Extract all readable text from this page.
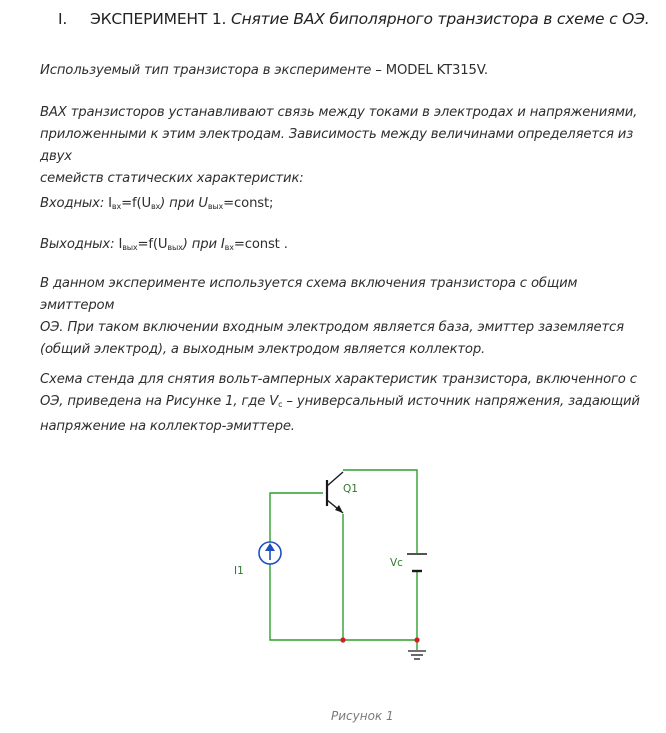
I. ЭКСПЕРИМЕНТ 1. Снятие ВАХ биполярного транзистора в схеме с ОЭ.

Используемый тип транзистора в эксперименте – MODEL KT315V.

ВАХ транзисторов устанавливают связь между токами в электродах и напряжениями,
приложенными к этим электродам. Зависимость между величинами определяется из двух
семейств статических характеристик:

Входных: $I_{вх}=f(U_{вх})$ при $U_{вых}=const$;

Выходных: $I_{вых}=f(U_{вых})$ при $I_{вх}=const$ .

В данном эксперименте используется схема включения транзистора с общим эмиттером
ОЭ. При таком включении входным электродом является база, эмиттер заземляется
(общий электрод), а выходным электродом является коллектор.

Схема стенда для снятия вольт-амперных характеристик транзистора, включенного с
ОЭ, приведена на Рисунке 1, где $V_c$ – универсальный источник напряжения, задающий
напряжение на коллектор-эмиттере.

Q1
I1
Vc
Рисунок 1
